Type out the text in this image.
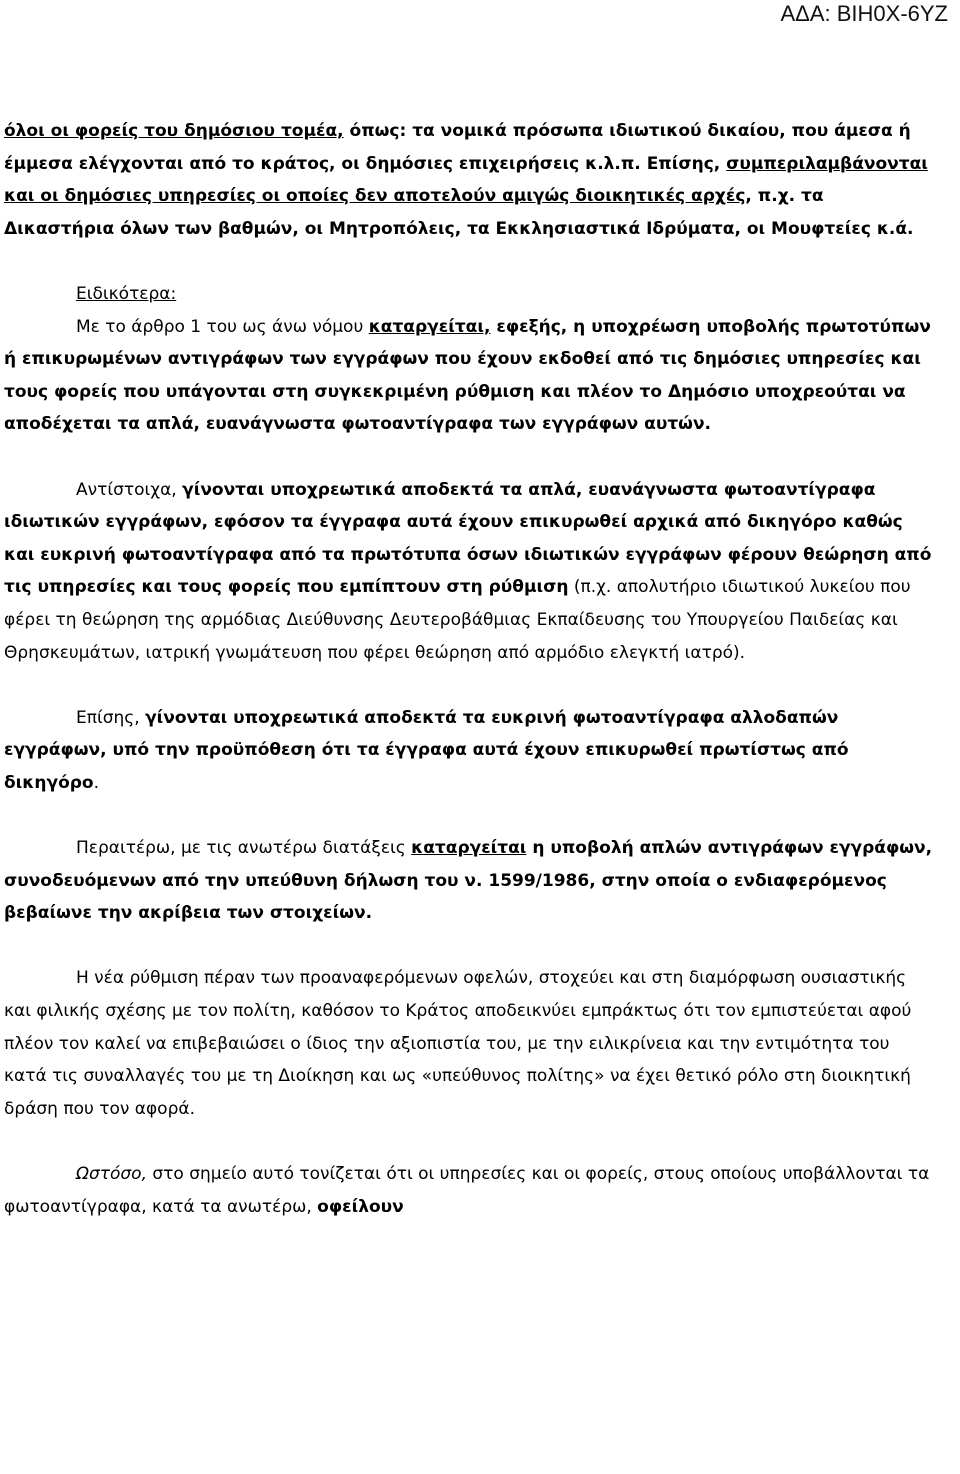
ΑΔΑ: ΒΙΗ0Χ-6ΥΖ

όλοι οι φορείς του δημόσιου τομέα, όπως: τα νομικά πρόσωπα ιδιωτικού δικαίου, που άμεσα ή έμμεσα ελέγχονται από το κράτος, οι δημόσιες επιχειρήσεις κ.λ.π. Επίσης, συμπεριλαμβάνονται και οι δημόσιες υπηρεσίες οι οποίες δεν αποτελούν αμιγώς διοικητικές αρχές, π.χ. τα Δικαστήρια όλων των βαθμών, οι Μητροπόλεις, τα Εκκλησιαστικά Ιδρύματα, οι Μουφτείες κ.ά.

Ειδικότερα:
Με το άρθρο 1 του ως άνω νόμου καταργείται, εφεξής, η υποχρέωση υποβολής πρωτοτύπων ή επικυρωμένων αντιγράφων των εγγράφων που έχουν εκδοθεί από τις δημόσιες υπηρεσίες και τους φορείς που υπάγονται στη συγκεκριμένη ρύθμιση και πλέον το Δημόσιο υποχρεούται να αποδέχεται τα απλά, ευανάγνωστα φωτοαντίγραφα των εγγράφων αυτών.

Αντίστοιχα, γίνονται υποχρεωτικά αποδεκτά τα απλά, ευανάγνωστα φωτοαντίγραφα ιδιωτικών εγγράφων, εφόσον τα έγγραφα αυτά έχουν επικυρωθεί αρχικά από δικηγόρο καθώς και ευκρινή φωτοαντίγραφα από τα πρωτότυπα όσων ιδιωτικών εγγράφων φέρουν θεώρηση από τις υπηρεσίες και τους φορείς που εμπίπτουν στη ρύθμιση (π.χ. απολυτήριο ιδιωτικού λυκείου που φέρει τη θεώρηση της αρμόδιας Διεύθυνσης Δευτεροβάθμιας Εκπαίδευσης του Υπουργείου Παιδείας και Θρησκευμάτων, ιατρική γνωμάτευση που φέρει θεώρηση από αρμόδιο ελεγκτή ιατρό).

Επίσης, γίνονται υποχρεωτικά αποδεκτά τα ευκρινή φωτοαντίγραφα αλλοδαπών εγγράφων, υπό την προϋπόθεση ότι τα έγγραφα αυτά έχουν επικυρωθεί πρωτίστως από δικηγόρο.

Περαιτέρω, με τις ανωτέρω διατάξεις καταργείται η υποβολή απλών αντιγράφων εγγράφων, συνοδευόμενων από την υπεύθυνη δήλωση του ν. 1599/1986, στην οποία ο ενδιαφερόμενος βεβαίωνε την ακρίβεια των στοιχείων.

Η νέα ρύθμιση πέραν των προαναφερόμενων οφελών, στοχεύει και στη διαμόρφωση ουσιαστικής και φιλικής σχέσης με τον πολίτη, καθόσον το Κράτος αποδεικνύει εμπράκτως ότι τον εμπιστεύεται αφού πλέον τον καλεί να επιβεβαιώσει ο ίδιος την αξιοπιστία του, με την ειλικρίνεια και την εντιμότητα του κατά τις συναλλαγές του με τη Διοίκηση και ως «υπεύθυνος πολίτης» να έχει θετικό ρόλο στη διοικητική δράση που τον αφορά.

Ωστόσο, στο σημείο αυτό τονίζεται ότι οι υπηρεσίες και οι φορείς, στους οποίους υποβάλλονται τα φωτοαντίγραφα, κατά τα ανωτέρω, οφείλουν
